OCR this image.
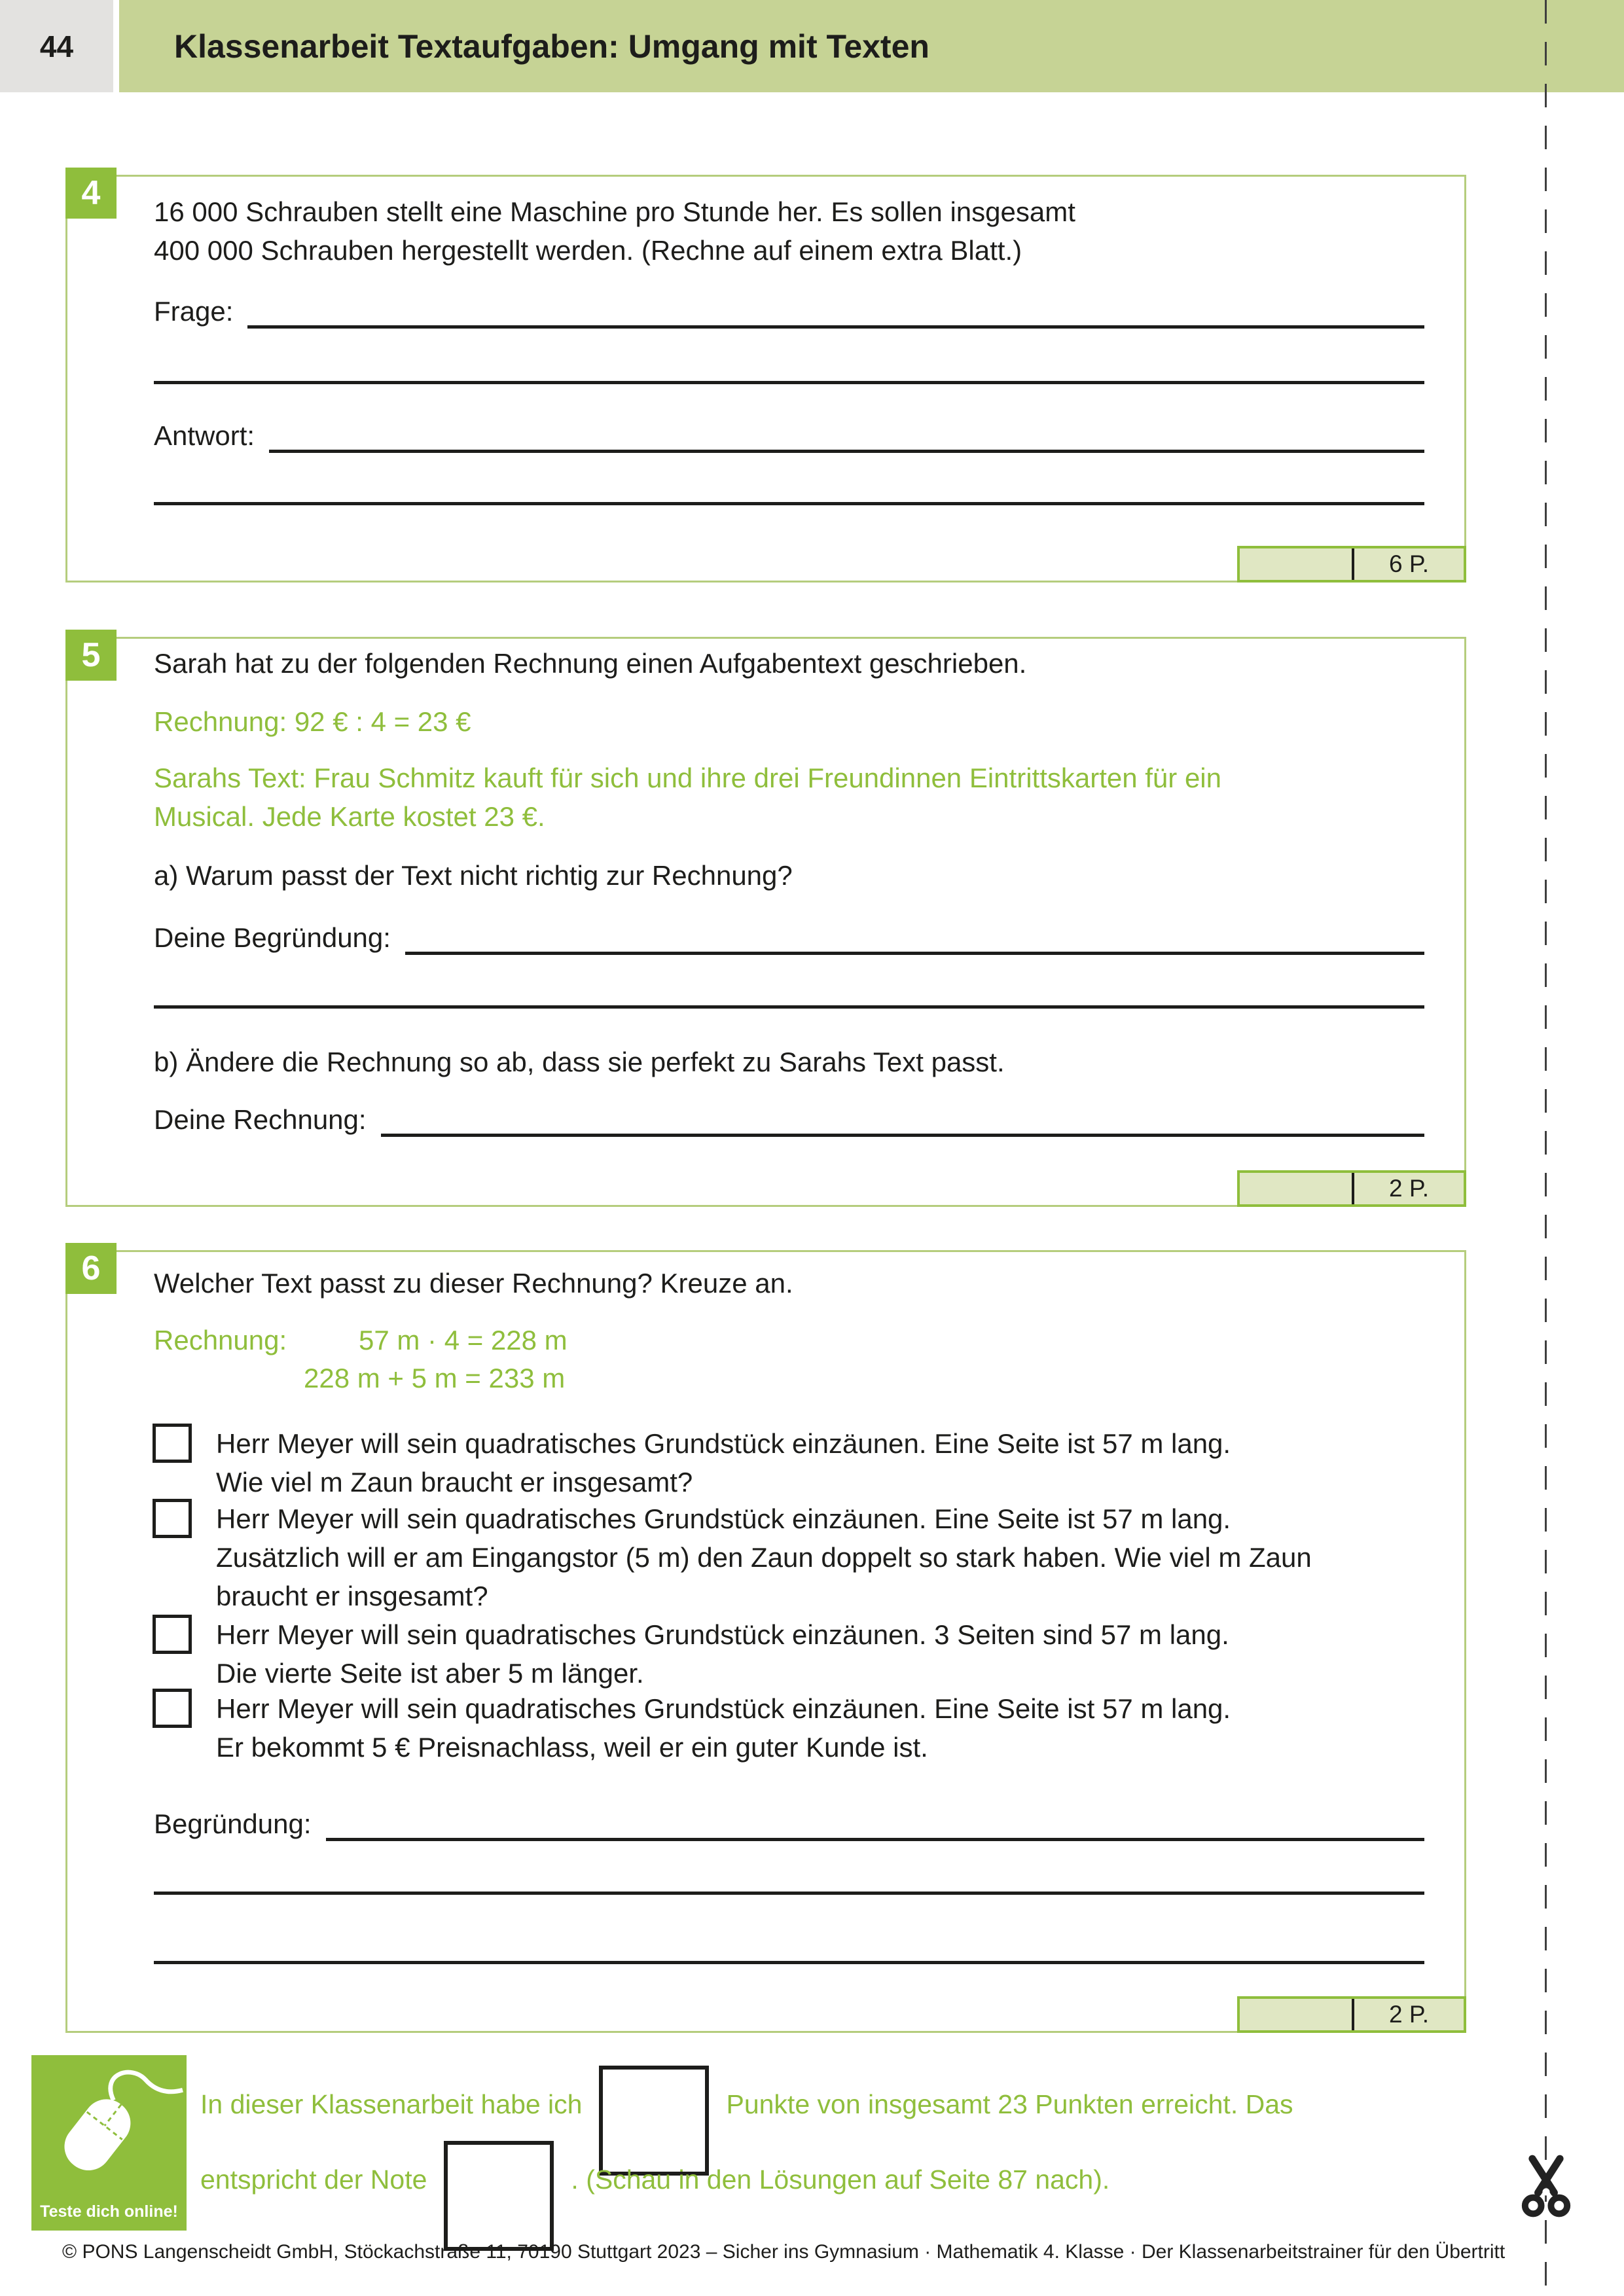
44	Klassenarbeit Textaufgaben: Umgang mit Texten
4	16 000 Schrauben stellt eine Maschine pro Stunde her. Es sollen insgesamt
400 000 Schrauben hergestellt werden. (Rechne auf einem extra Blatt.)
Frage:
Antwort:
6 P.
5	Sarah hat zu der folgenden Rechnung einen Aufgabentext geschrieben.
Rechnung: 92 € : 4 = 23 €
Sarahs Text: Frau Schmitz kauft für sich und ihre drei Freundinnen Eintrittskarten für ein
Musical. Jede Karte kostet 23 €.
a) Warum passt der Text nicht richtig zur Rechnung?
Deine Begründung:
b) Ändere die Rechnung so ab, dass sie perfekt zu Sarahs Text passt.
Deine Rechnung:
2 P.
6	Welcher Text passt zu dieser Rechnung? Kreuze an.
Rechnung:	57 m · 4 = 228 m
228 m + 5 m = 233 m
Herr Meyer will sein quadratisches Grundstück einzäunen. Eine Seite ist 57 m lang.
Wie viel m Zaun braucht er insgesamt?
Herr Meyer will sein quadratisches Grundstück einzäunen. Eine Seite ist 57 m lang.
Zusätzlich will er am Eingangstor (5 m) den Zaun doppelt so stark haben. Wie viel m Zaun
braucht er insgesamt?
Herr Meyer will sein quadratisches Grundstück einzäunen. 3 Seiten sind 57 m lang.
Die vierte Seite ist aber 5 m länger.
Herr Meyer will sein quadratisches Grundstück einzäunen. Eine Seite ist 57 m lang.
Er bekommt 5 € Preisnachlass, weil er ein guter Kunde ist.
Begründung:
2 P.
Teste dich online!
In dieser Klassenarbeit habe ich	Punkte von insgesamt 23 Punkten erreicht. Das
entspricht der Note	. (Schau in den Lösungen auf Seite 87 nach).
© PONS Langenscheidt GmbH, Stöckachstraße 11, 70190 Stuttgart 2023 – Sicher ins Gymnasium · Mathematik 4. Klasse · Der Klassenarbeitstrainer für den Übertritt
